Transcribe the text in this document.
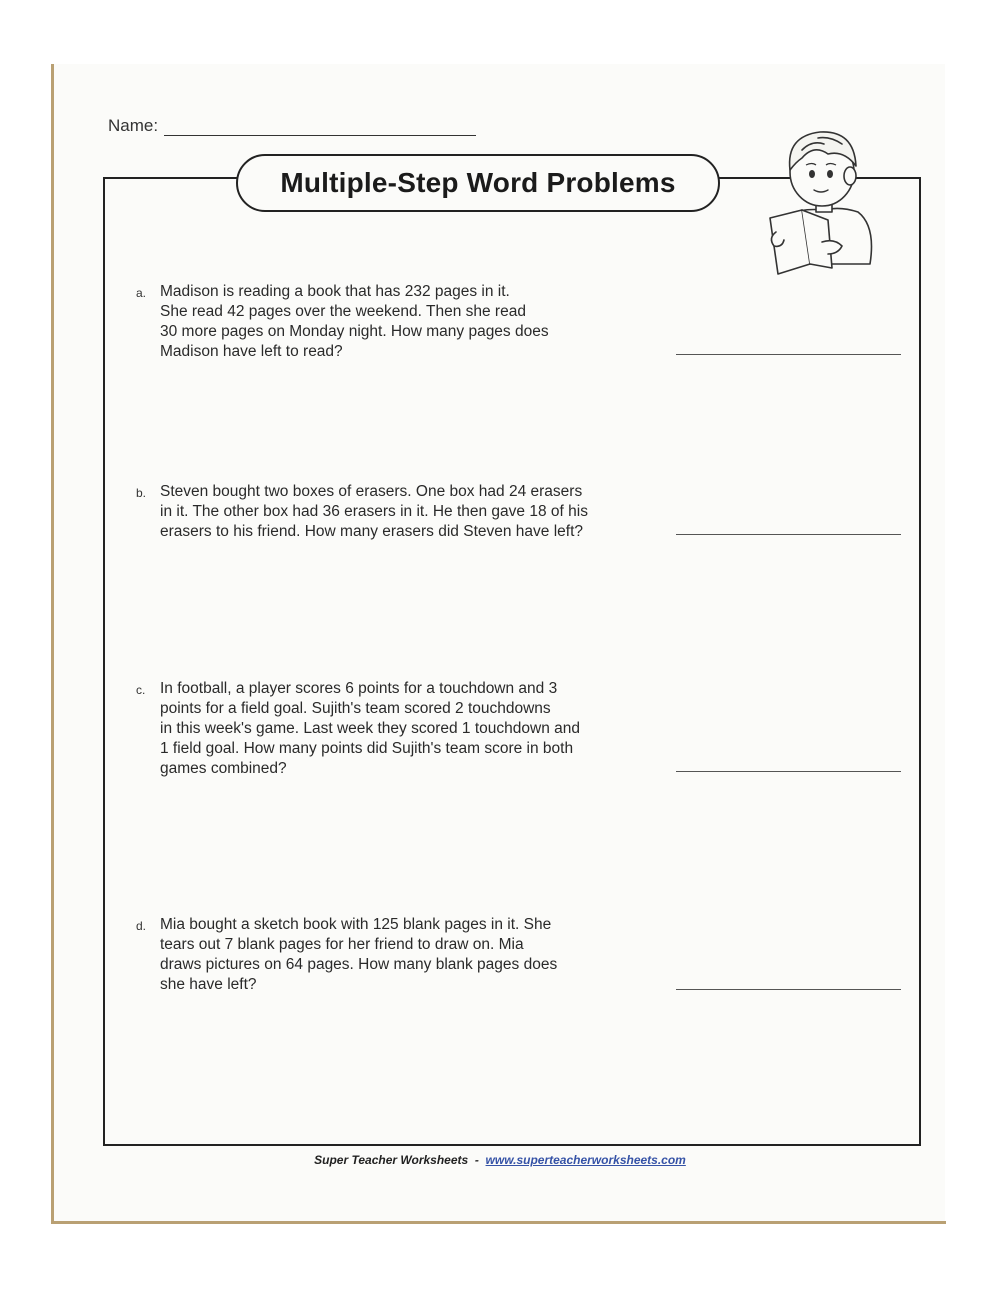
Name:
Multiple-Step Word Problems
a. Madison is reading a book that has 232 pages in it.
She read 42 pages over the weekend. Then she read
30 more pages on Monday night. How many pages does
Madison have left to read?
b. Steven bought two boxes of erasers. One box had 24 erasers
in it. The other box had 36 erasers in it. He then gave 18 of his
erasers to his friend. How many erasers did Steven have left?
c. In football, a player scores 6 points for a touchdown and 3
points for a field goal. Sujith's team scored 2 touchdowns
in this week's game. Last week they scored 1 touchdown and
1 field goal. How many points did Sujith's team score in both
games combined?
d. Mia bought a sketch book with 125 blank pages in it. She
tears out 7 blank pages for her friend to draw on. Mia
draws pictures on 64 pages. How many blank pages does
she have left?
Super Teacher Worksheets - www.superteacherworksheets.com
